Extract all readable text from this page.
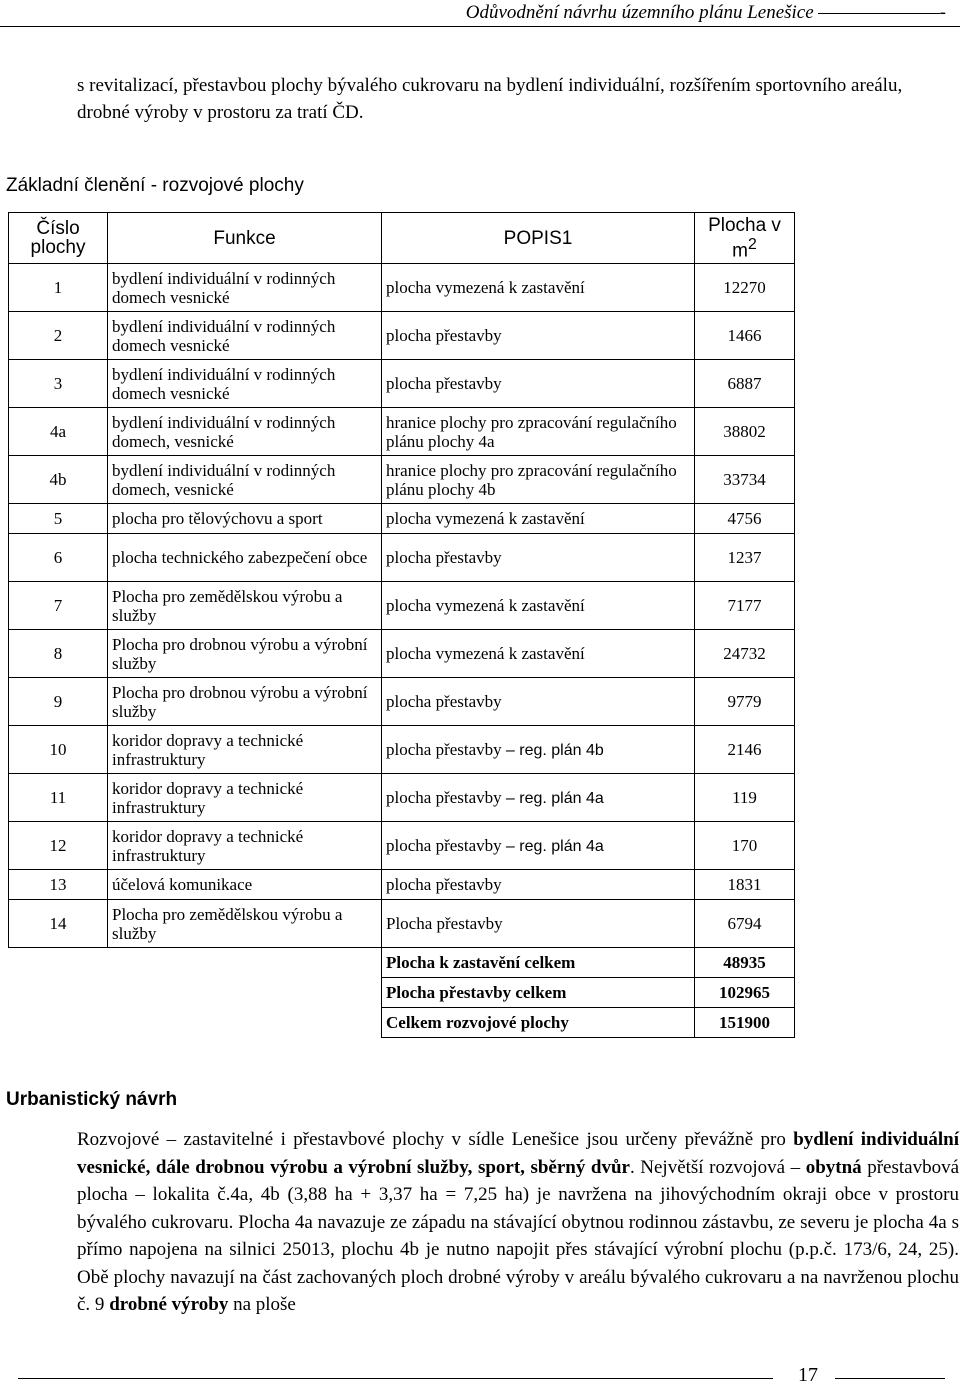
Odůvodnění návrhu územního plánu Lenešice	-
s revitalizací, přestavbou plochy bývalého cukrovaru na bydlení individuální, rozšířením sportovního areálu, drobné výroby v prostoru za tratí ČD.
Základní členění - rozvojové plochy
Číslo plochy	Funkce	POPIS1	Plocha v $m^2$
1	bydlení individuální v rodinných domech vesnické	plocha vymezená k zastavění	12270
2	bydlení individuální v rodinných domech vesnické	plocha přestavby	1466
3	bydlení individuální v rodinných domech vesnické	plocha přestavby	6887
4a	bydlení individuální v rodinných domech, vesnické	hranice plochy pro zpracování regulačního plánu plochy 4a	38802
4b	bydlení individuální v rodinných domech, vesnické	hranice plochy pro zpracování regulačního plánu plochy 4b	33734
5	plocha pro tělovýchovu a sport	plocha vymezená k zastavění	4756
6	plocha technického zabezpečení obce	plocha přestavby	1237
7	Plocha pro zemědělskou výrobu a služby	plocha vymezená k zastavění	7177
8	Plocha pro drobnou výrobu a výrobní služby	plocha vymezená k zastavění	24732
9	Plocha pro drobnou výrobu a výrobní služby	plocha přestavby	9779
10	koridor dopravy a technické infrastruktury	plocha přestavby – reg. plán 4b	2146
11	koridor dopravy a technické infrastruktury	plocha přestavby – reg. plán 4a	119
12	koridor dopravy a technické infrastruktury	plocha přestavby – reg. plán 4a	170
13	účelová komunikace	plocha přestavby	1831
14	Plocha pro zemědělskou výrobu a služby	Plocha přestavby	6794
		Plocha k zastavění celkem	48935
		Plocha přestavby celkem	102965
		Celkem rozvojové plochy	151900
Urbanistický návrh
Rozvojové – zastavitelné i přestavbové plochy v sídle Lenešice jsou určeny převážně pro bydlení individuální vesnické, dále drobnou výrobu a výrobní služby, sport, sběrný dvůr. Největší rozvojová – obytná přestavbová plocha – lokalita č.4a, 4b (3,88 ha + 3,37 ha = 7,25 ha) je navržena na jihovýchodním okraji obce v prostoru bývalého cukrovaru. Plocha 4a navazuje ze západu na stávající obytnou rodinnou zástavbu, ze severu je plocha 4a s přímo napojena na silnici 25013, plochu 4b je nutno napojit přes stávající výrobní plochu (p.p.č. 173/6, 24, 25). Obě plochy navazují na část zachovaných ploch drobné výroby v areálu bývalého cukrovaru a na navrženou plochu č. 9 drobné výroby na ploše
17
